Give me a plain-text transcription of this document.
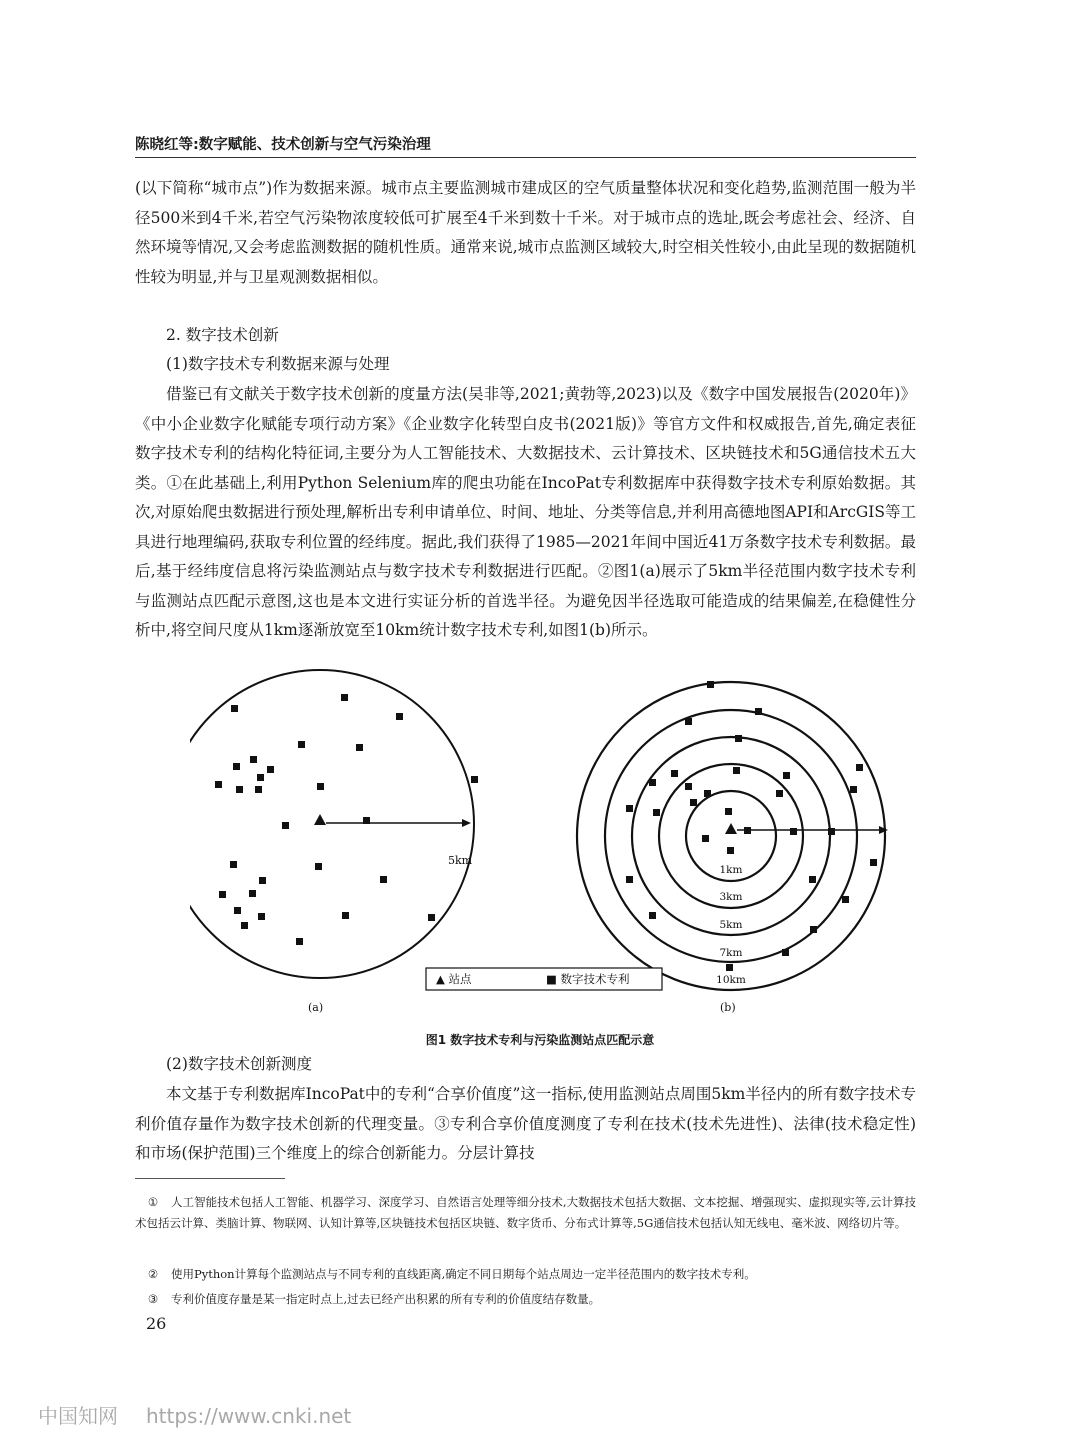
陈晓红等:数字赋能、技术创新与空气污染治理

(以下简称“城市点”)作为数据来源。城市点主要监测城市建成区的空气质量整体状况和变化趋势,监测范围一般为半径500米到4千米,若空气污染物浓度较低可扩展至4千米到数十千米。对于城市点的选址,既会考虑社会、经济、自然环境等情况,又会考虑监测数据的随机性质。通常来说,城市点监测区域较大,时空相关性较小,由此呈现的数据随机性较为明显,并与卫星观测数据相似。

2. 数字技术创新

(1)数字技术专利数据来源与处理

借鉴已有文献关于数字技术创新的度量方法(吴非等,2021;黄勃等,2023)以及《数字中国发展报告(2020年)》《中小企业数字化赋能专项行动方案》《企业数字化转型白皮书(2021版)》等官方文件和权威报告,首先,确定表征数字技术专利的结构化特征词,主要分为人工智能技术、大数据技术、云计算技术、区块链技术和5G通信技术五大类。①在此基础上,利用Python Selenium库的爬虫功能在IncoPat专利数据库中获得数字技术专利原始数据。其次,对原始爬虫数据进行预处理,解析出专利申请单位、时间、地址、分类等信息,并利用高德地图API和ArcGIS等工具进行地理编码,获取专利位置的经纬度。据此,我们获得了1985—2021年间中国近41万条数字技术专利数据。最后,基于经纬度信息将污染监测站点与数字技术专利数据进行匹配。②图1(a)展示了5km半径范围内数字技术专利与监测站点匹配示意图,这也是本文进行实证分析的首选半径。为避免因半径选取可能造成的结果偏差,在稳健性分析中,将空间尺度从1km逐渐放宽至10km统计数字技术专利,如图1(b)所示。

5km
(a)
1km
3km
5km
7km
10km
(b)
▲ 站点	■ 数字技术专利
图1 数字技术专利与污染监测站点匹配示意

(2)数字技术创新测度

本文基于专利数据库IncoPat中的专利“合享价值度”这一指标,使用监测站点周围5km半径内的所有数字技术专利价值存量作为数字技术创新的代理变量。③专利合享价值度测度了专利在技术(技术先进性)、法律(技术稳定性)和市场(保护范围)三个维度上的综合创新能力。分层计算技

① 人工智能技术包括人工智能、机器学习、深度学习、自然语言处理等细分技术,大数据技术包括大数据、文本挖掘、增强现实、虚拟现实等,云计算技术包括云计算、类脑计算、物联网、认知计算等,区块链技术包括区块链、数字货币、分布式计算等,5G通信技术包括认知无线电、毫米波、网络切片等。

② 使用Python计算每个监测站点与不同专利的直线距离,确定不同日期每个站点周边一定半径范围内的数字技术专利。

③ 专利价值度存量是某一指定时点上,过去已经产出积累的所有专利的价值度结存数量。

26
中国知网 https://www.cnki.net
